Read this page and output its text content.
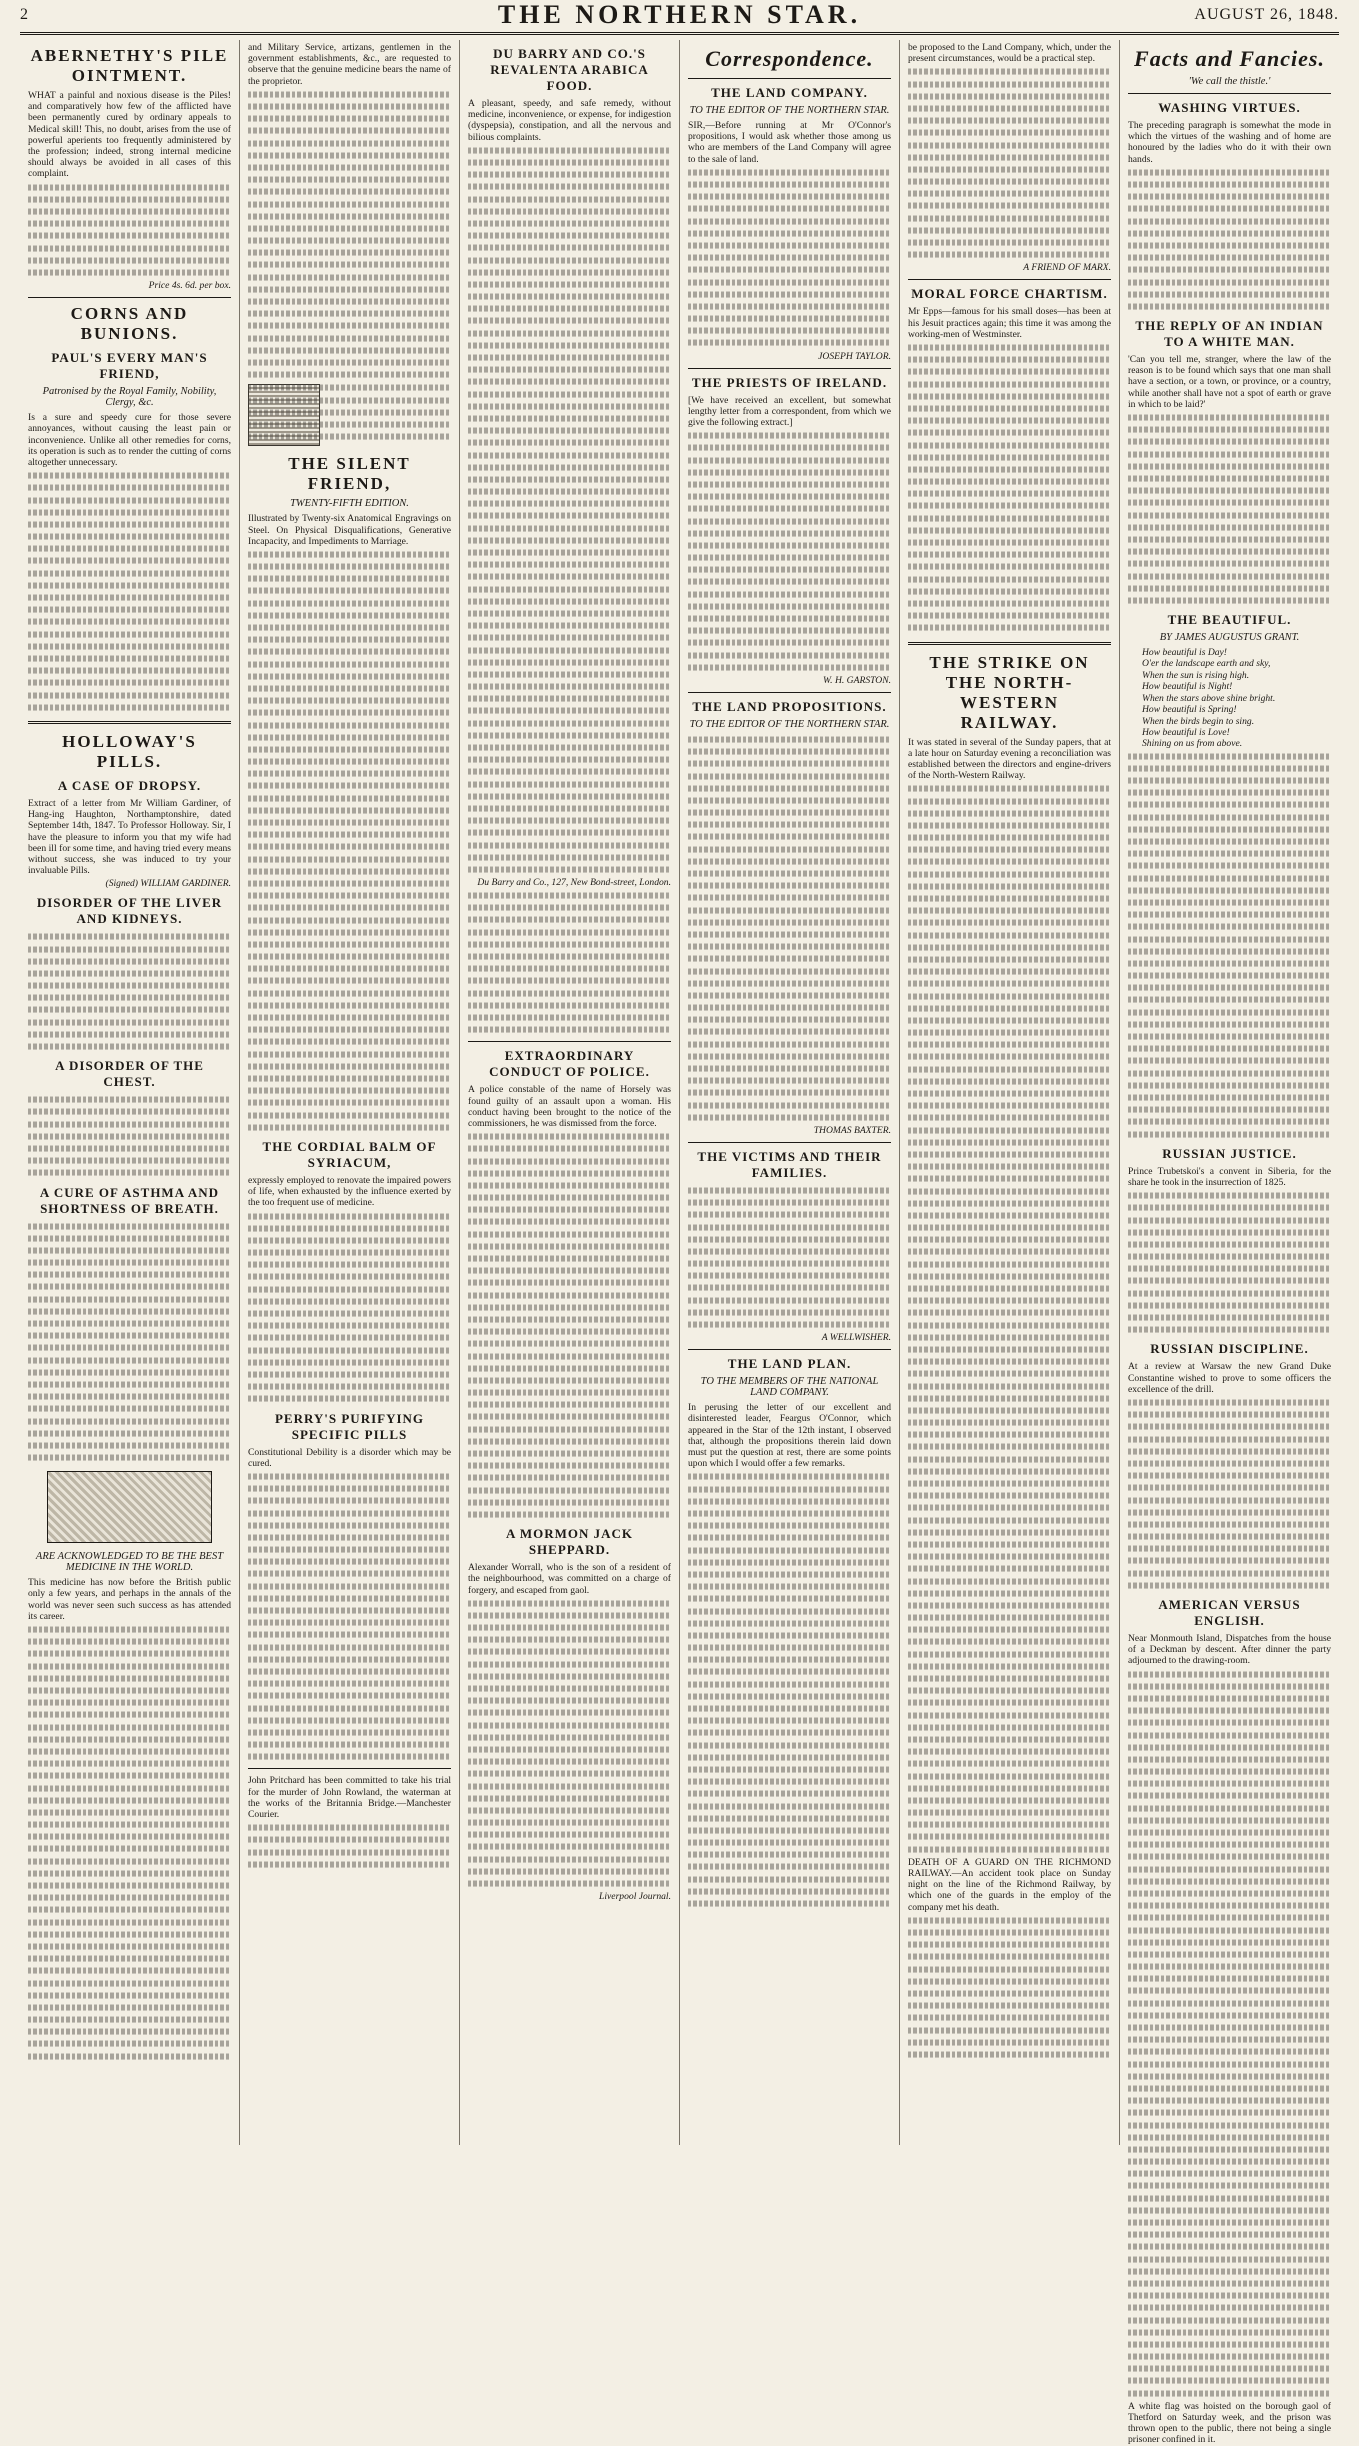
2	THE NORTHERN STAR.	AUGUST 26, 1848.
ABERNETHY'S PILE OINTMENT.

WHAT a painful and noxious disease is the Piles! and comparatively how few of the afflicted have been permanently cured by ordinary appeals to Medical skill! This, no doubt, arises from the use of powerful aperients too frequently administered by the profession; indeed, strong internal medicine should always be avoided in all cases of this complaint.

Price 4s. 6d. per box.

CORNS AND BUNIONS.
PAUL'S EVERY MAN'S FRIEND,
Patronised by the Royal Family, Nobility, Clergy, &c.

Is a sure and speedy cure for those severe annoyances, without causing the least pain or inconvenience. Unlike all other remedies for corns, its operation is such as to render the cutting of corns altogether unnecessary.

HOLLOWAY'S PILLS.
A CASE OF DROPSY.

Extract of a letter from Mr William Gardiner, of Hang-ing Haughton, Northamptonshire, dated September 14th, 1847. To Professor Holloway. Sir, I have the pleasure to inform you that my wife had been ill for some time, and having tried every means without success, she was induced to try your invaluable Pills.

(Signed) WILLIAM GARDINER.

DISORDER OF THE LIVER AND KIDNEYS.
A DISORDER OF THE CHEST.
A CURE OF ASTHMA AND SHORTNESS OF BREATH.
ARE ACKNOWLEDGED TO BE THE BEST MEDICINE IN THE WORLD.

This medicine has now before the British public only a few years, and perhaps in the annals of the world was never seen such success as has attended its career.

and Military Service, artizans, gentlemen in the government establishments, &c., are requested to observe that the genuine medicine bears the name of the proprietor.

THE SILENT FRIEND,
TWENTY-FIFTH EDITION.

Illustrated by Twenty-six Anatomical Engravings on Steel. On Physical Disqualifications, Generative Incapacity, and Impediments to Marriage.

THE CORDIAL BALM OF SYRIACUM,

expressly employed to renovate the impaired powers of life, when exhausted by the influence exerted by the too frequent use of medicine.

PERRY'S PURIFYING SPECIFIC PILLS

Constitutional Debility is a disorder which may be cured.

John Pritchard has been committed to take his trial for the murder of John Rowland, the waterman at the works of the Britannia Bridge.—Manchester Courier.

DU BARRY AND CO.'S REVALENTA ARABICA FOOD.

A pleasant, speedy, and safe remedy, without medicine, inconvenience, or expense, for indigestion (dyspepsia), constipation, and all the nervous and bilious complaints.

Du Barry and Co., 127, New Bond-street, London.

EXTRAORDINARY CONDUCT OF POLICE.

A police constable of the name of Horsely was found guilty of an assault upon a woman. His conduct having been brought to the notice of the commissioners, he was dismissed from the force.

A MORMON JACK SHEPPARD.

Alexander Worrall, who is the son of a resident of the neighbourhood, was committed on a charge of forgery, and escaped from gaol.

Liverpool Journal.

Correspondence.
THE LAND COMPANY.
TO THE EDITOR OF THE NORTHERN STAR.

SIR,—Before running at Mr O'Connor's propositions, I would ask whether those among us who are members of the Land Company will agree to the sale of land.

JOSEPH TAYLOR.

THE PRIESTS OF IRELAND.

[We have received an excellent, but somewhat lengthy letter from a correspondent, from which we give the following extract.]

W. H. GARSTON.

THE LAND PROPOSITIONS.
TO THE EDITOR OF THE NORTHERN STAR.

THOMAS BAXTER.

THE VICTIMS AND THEIR FAMILIES.

A WELLWISHER.

THE LAND PLAN.
TO THE MEMBERS OF THE NATIONAL LAND COMPANY.

In perusing the letter of our excellent and disinterested leader, Feargus O'Connor, which appeared in the Star of the 12th instant, I observed that, although the propositions therein laid down must put the question at rest, there are some points upon which I would offer a few remarks.

be proposed to the Land Company, which, under the present circumstances, would be a practical step.

A FRIEND OF MARX.

MORAL FORCE CHARTISM.

Mr Epps—famous for his small doses—has been at his Jesuit practices again; this time it was among the working-men of Westminster.

THE STRIKE ON THE NORTH-WESTERN RAILWAY.

It was stated in several of the Sunday papers, that at a late hour on Saturday evening a reconciliation was established between the directors and engine-drivers of the North-Western Railway.

DEATH OF A GUARD ON THE RICHMOND RAILWAY.—An accident took place on Sunday night on the line of the Richmond Railway, by which one of the guards in the employ of the company met his death.

Facts and Fancies.
'We call the thistle.'
WASHING VIRTUES.

The preceding paragraph is somewhat the mode in which the virtues of the washing and of home are honoured by the ladies who do it with their own hands.

THE REPLY OF AN INDIAN TO A WHITE MAN.

'Can you tell me, stranger, where the law of the reason is to be found which says that one man shall have a section, or a town, or province, or a country, while another shall have not a spot of earth or grave in which to be laid?'

THE BEAUTIFUL.
BY JAMES AUGUSTUS GRANT.
How beautiful is Day!
O'er the landscape earth and sky,
When the sun is rising high.
How beautiful is Night!
When the stars above shine bright.
How beautiful is Spring!
When the birds begin to sing.
How beautiful is Love!
Shining on us from above.
RUSSIAN JUSTICE.

Prince Trubetskoi's a convent in Siberia, for the share he took in the insurrection of 1825.

RUSSIAN DISCIPLINE.

At a review at Warsaw the new Grand Duke Constantine wished to prove to some officers the excellence of the drill.

AMERICAN VERSUS ENGLISH.

Near Monmouth Island, Dispatches from the house of a Deckman by descent. After dinner the party adjourned to the drawing-room.

A white flag was hoisted on the borough gaol of Thetford on Saturday week, and the prison was thrown open to the public, there not being a single prisoner confined in it.
